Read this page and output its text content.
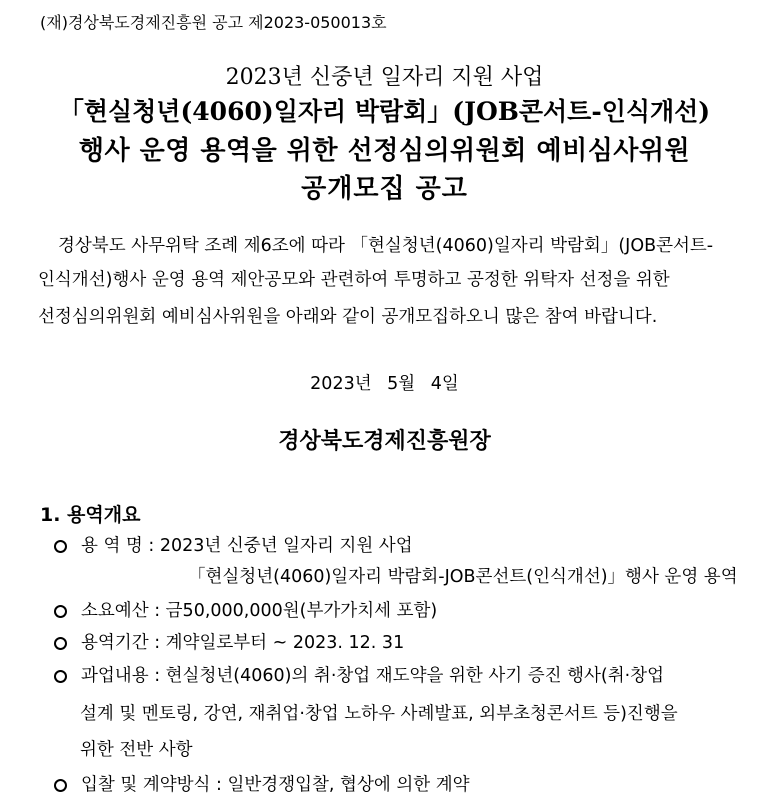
(재)경상북도경제진흥원 공고 제2023-050013호
2023년 신중년 일자리 지원 사업
「현실청년(4060)일자리 박람회」(JOB콘서트-인식개선)
행사 운영 용역을 위한 선정심의위원회 예비심사위원
공개모집 공고
경상북도 사무위탁 조례 제6조에 따라 「현실청년(4060)일자리 박람회」(JOB콘서트-
인식개선)행사 운영 용역 제안공모와 관련하여 투명하고 공정한 위탁자 선정을 위한
선정심의위원회 예비심사위원을 아래와 같이 공개모집하오니 많은 참여 바랍니다.
2023년 5월 4일
경상북도경제진흥원장
1. 용역개요
용 역 명 : 2023년 신중년 일자리 지원 사업
「현실청년(4060)일자리 박람회-JOB콘선트(인식개선)」행사 운영 용역
소요예산 : 금50,000,000원(부가가치세 포함)
용역기간 : 계약일로부터 ~ 2023. 12. 31
과업내용 : 현실청년(4060)의 취·창업 재도약을 위한 사기 증진 행사(취·창업
설계 및 멘토링, 강연, 재취업·창업 노하우 사례발표, 외부초청콘서트 등)진행을
위한 전반 사항
입찰 및 계약방식 : 일반경쟁입찰, 협상에 의한 계약
